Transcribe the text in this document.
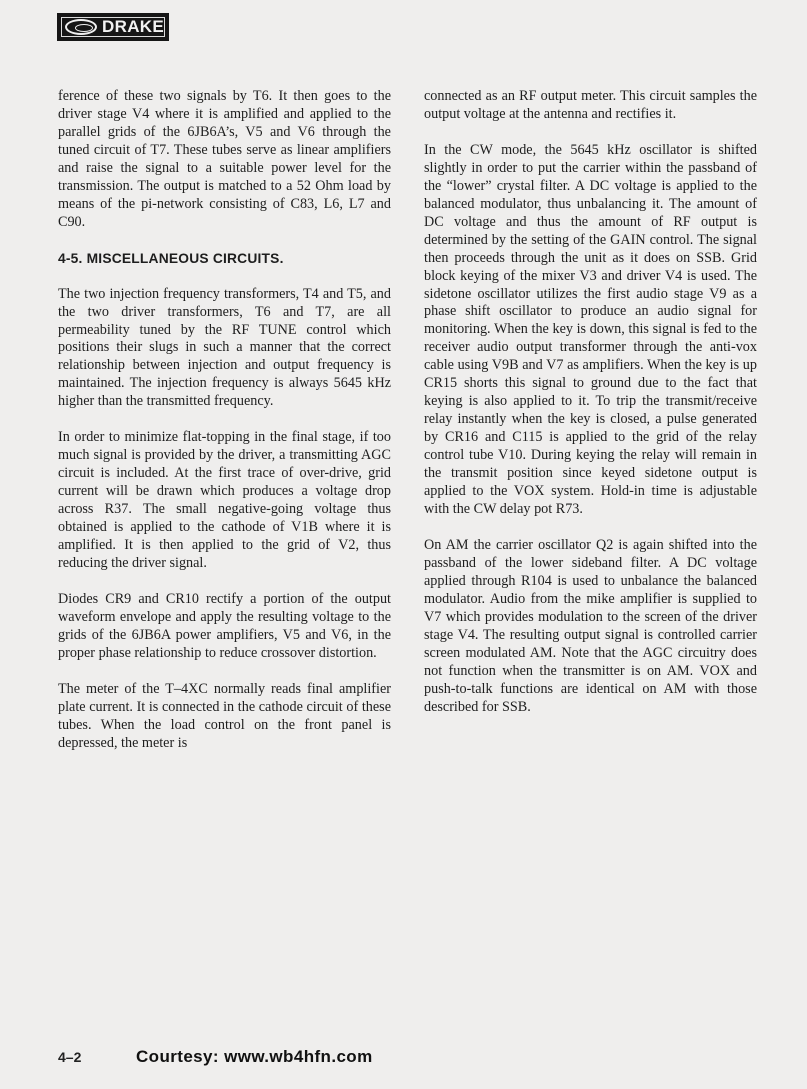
DRAKE

ference of these two signals by T6. It then goes to the driver stage V4 where it is amplified and applied to the parallel grids of the 6JB6A’s, V5 and V6 through the tuned circuit of T7. These tubes serve as linear amplifiers and raise the signal to a suitable power level for the transmission. The output is matched to a 52 Ohm load by means of the pi-network consisting of C83, L6, L7 and C90.

4-5. MISCELLANEOUS CIRCUITS.

The two injection frequency transformers, T4 and T5, and the two driver transformers, T6 and T7, are all permeability tuned by the RF TUNE control which positions their slugs in such a manner that the correct relationship between injection and output frequency is maintained. The injection frequency is always 5645 kHz higher than the transmitted frequency.

In order to minimize flat-topping in the final stage, if too much signal is provided by the driver, a transmitting AGC circuit is included. At the first trace of over-drive, grid current will be drawn which produces a voltage drop across R37. The small negative-going voltage thus obtained is applied to the cathode of V1B where it is amplified. It is then applied to the grid of V2, thus reducing the driver signal.

Diodes CR9 and CR10 rectify a portion of the output waveform envelope and apply the resulting voltage to the grids of the 6JB6A power amplifiers, V5 and V6, in the proper phase relationship to reduce crossover distortion.

The meter of the T–4XC normally reads final amplifier plate current. It is connected in the cathode circuit of these tubes. When the load control on the front panel is depressed, the meter is

connected as an RF output meter. This circuit samples the output voltage at the antenna and rectifies it.

In the CW mode, the 5645 kHz oscillator is shifted slightly in order to put the carrier within the passband of the “lower” crystal filter. A DC voltage is applied to the balanced modulator, thus unbalancing it. The amount of DC voltage and thus the amount of RF output is determined by the setting of the GAIN control. The signal then proceeds through the unit as it does on SSB. Grid block keying of the mixer V3 and driver V4 is used. The sidetone oscillator utilizes the first audio stage V9 as a phase shift oscillator to produce an audio signal for monitoring. When the key is down, this signal is fed to the receiver audio output transformer through the anti-vox cable using V9B and V7 as amplifiers. When the key is up CR15 shorts this signal to ground due to the fact that keying is also applied to it. To trip the transmit/receive relay instantly when the key is closed, a pulse generated by CR16 and C115 is applied to the grid of the relay control tube V10. During keying the relay will remain in the transmit position since keyed sidetone output is applied to the VOX system. Hold-in time is adjustable with the CW delay pot R73.

On AM the carrier oscillator Q2 is again shifted into the passband of the lower sideband filter. A DC voltage applied through R104 is used to unbalance the balanced modulator. Audio from the mike amplifier is supplied to V7 which provides modulation to the screen of the driver stage V4. The resulting output signal is controlled carrier screen modulated AM. Note that the AGC circuitry does not function when the transmitter is on AM. VOX and push-to-talk functions are identical on AM with those described for SSB.

4–2	Courtesy: www.wb4hfn.com
